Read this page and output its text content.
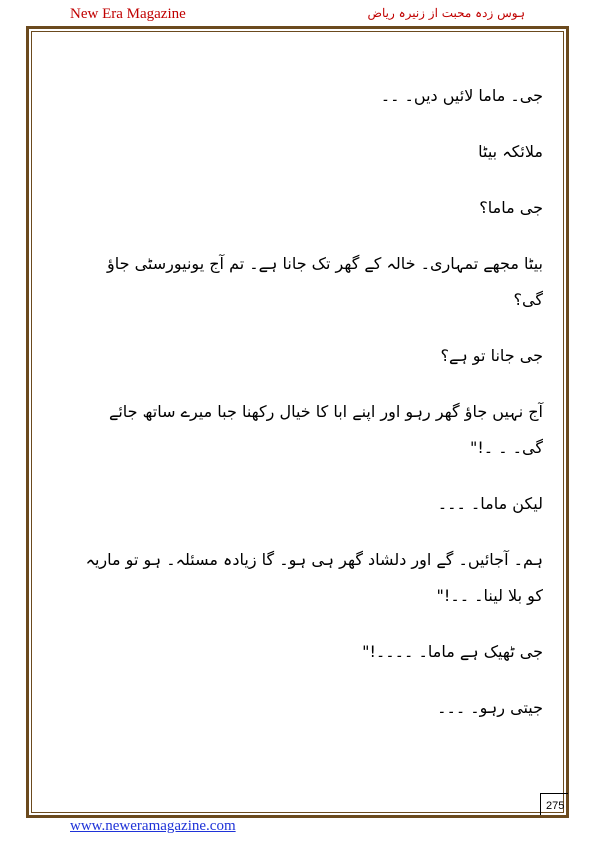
New Era Magazine	ہوس زدہ محبت از زنیرہ ریاض

جی۔ ماما لائیں دیں۔ ۔۔

ملائکہ بیٹا

جی ماما؟

بیٹا مجھے تمہاری۔ خالہ کے گھر تک جانا ہے۔ تم آج یونیورسٹی جاؤ گی؟

جی جانا تو ہے؟

آج نہیں جاؤ گھر رہو اور اپنے ابا کا خیال رکھنا جبا میرے ساتھ جائے گی۔ ۔ ۔!"

لیکن ماما۔ ۔۔۔

ہم۔ آجائیں۔ گے اور دلشاد گھر ہی ہو۔ گا زیادہ مسئلہ۔ ہو تو ماریہ کو بلا لینا۔ ۔۔!"

جی ٹھیک ہے ماما۔ ۔۔۔۔!"

جیتی رہو۔ ۔۔۔

275
www.neweramagazine.com
